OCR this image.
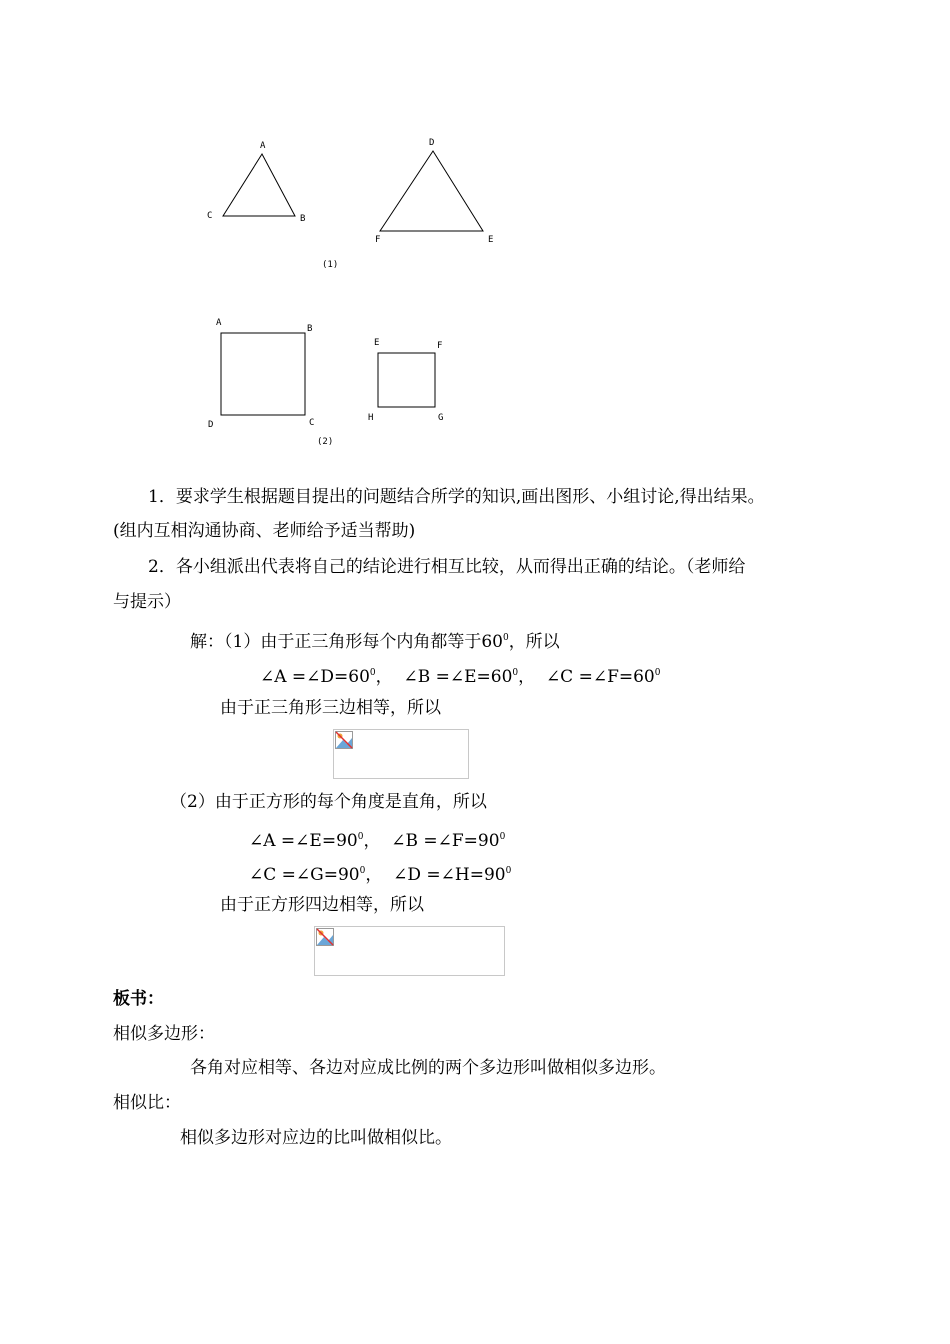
A
C	B
D
F	E
(1)
A
B
D	C
E	F
H	G
(2)
1．要求学生根据题目提出的问题结合所学的知识,画出图形、小组讨论,得出结果。
(组内互相沟通协商、老师给予适当帮助)
2．各小组派出代表将自己的结论进行相互比较，从而得出正确的结论。（老师给
与提示）
解：（1）由于正三角形每个内角都等于$60^0$，所以
∠A $=\angle D=60^0$， ∠B $=\angle E=60^0$， ∠C $=\angle F=60^0$
由于正三角形三边相等，所以
（2）由于正方形的每个角度是直角，所以
∠A $=\angle E=90^0$， ∠B $=\angle F=90^0$
∠C $=\angle G=90^0$， ∠D $=\angle H=90^0$
由于正方形四边相等，所以
板书：
相似多边形：
各角对应相等、各边对应成比例的两个多边形叫做相似多边形。
相似比：
相似多边形对应边的比叫做相似比。
